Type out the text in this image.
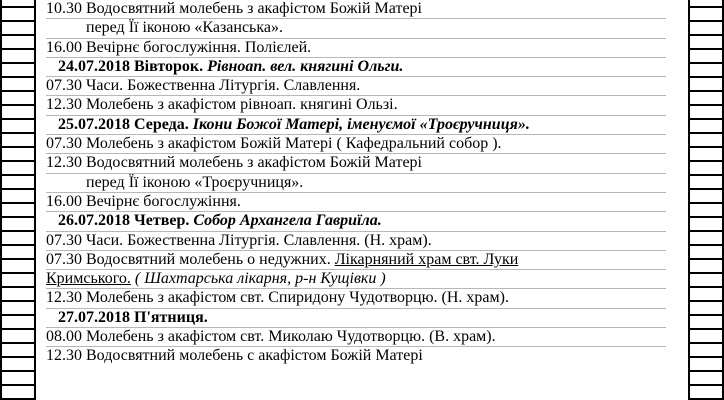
10.30 Водосвятний молебень з акафістом Божій Матері
перед Її іконою «Казанська».
16.00 Вечірнє богослужіння. Полієлей.
24.07.2018 Вівторок. Рівноап. вел. княгині Ольги.
07.30 Часи. Божественна Літургія. Славлення.
12.30 Молебень з акафістом рівноап. княгині Ользі.
25.07.2018 Середа. Ікони Божої Матері, іменуємої «Троєручниця».
07.30 Молебень з акафістом Божій Матері ( Кафедральний собор ).
12.30 Водосвятний молебень з акафістом Божій Матері
перед Її іконою «Троєручниця».
16.00 Вечірнє богослужіння.
26.07.2018 Четвер. Собор Архангела Гавриїла.
07.30 Часи. Божественна Літургія. Славлення. (Н. храм).
07.30 Водосвятний молебень о недужних. Лікарняний храм свт. Луки
Кримського. ( Шахтарська лікарня, р-н Кущівки )
12.30 Молебень з акафістом свт. Спиридону Чудотворцю. (Н. храм).
27.07.2018 П'ятниця.
08.00 Молебень з акафістом свт. Миколаю Чудотворцю. (В. храм).
12.30 Водосвятний молебень с акафістом Божій Матері
